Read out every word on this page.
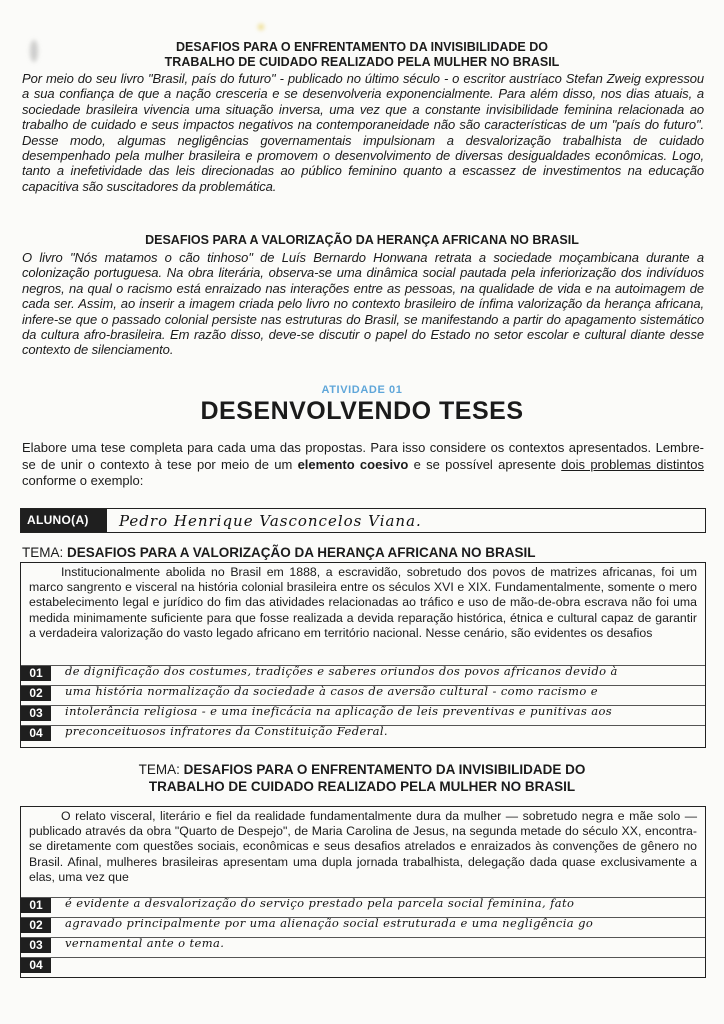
DESAFIOS PARA O ENFRENTAMENTO DA INVISIBILIDADE DO
TRABALHO DE CUIDADO REALIZADO PELA MULHER NO BRASIL
Por meio do seu livro "Brasil, país do futuro" - publicado no último século - o escritor austríaco Stefan Zweig expressou a sua confiança de que a nação cresceria e se desenvolveria exponencialmente. Para além disso, nos dias atuais, a sociedade brasileira vivencia uma situação inversa, uma vez que a constante invisibilidade feminina relacionada ao trabalho de cuidado e seus impactos negativos na contemporaneidade não são características de um "país do futuro". Desse modo, algumas negligências governamentais impulsionam a desvalorização trabalhista de cuidado desempenhado pela mulher brasileira e promovem o desenvolvimento de diversas desigualdades econômicas. Logo, tanto a inefetividade das leis direcionadas ao público feminino quanto a escassez de investimentos na educação capacitiva são suscitadores da problemática.
DESAFIOS PARA A VALORIZAÇÃO DA HERANÇA AFRICANA NO BRASIL
O livro "Nós matamos o cão tinhoso" de Luís Bernardo Honwana retrata a sociedade moçambicana durante a colonização portuguesa. Na obra literária, observa-se uma dinâmica social pautada pela inferiorização dos indivíduos negros, na qual o racismo está enraizado nas interações entre as pessoas, na qualidade de vida e na autoimagem de cada ser. Assim, ao inserir a imagem criada pelo livro no contexto brasileiro de ínfima valorização da herança africana, infere-se que o passado colonial persiste nas estruturas do Brasil, se manifestando a partir do apagamento sistemático da cultura afro-brasileira. Em razão disso, deve-se discutir o papel do Estado no setor escolar e cultural diante desse contexto de silenciamento.
ATIVIDADE 01
DESENVOLVENDO TESES
Elabore uma tese completa para cada uma das propostas. Para isso considere os contextos apresentados. Lembre-se de unir o contexto à tese por meio de um elemento coesivo e se possível apresente dois problemas distintos conforme o exemplo:
ALUNO(A)	Pedro Henrique Vasconcelos Viana.
TEMA: DESAFIOS PARA A VALORIZAÇÃO DA HERANÇA AFRICANA NO BRASIL
Institucionalmente abolida no Brasil em 1888, a escravidão, sobretudo dos povos de matrizes africanas, foi um marco sangrento e visceral na história colonial brasileira entre os séculos XVI e XIX. Fundamentalmente, somente o mero estabelecimento legal e jurídico do fim das atividades relacionadas ao tráfico e uso de mão-de-obra escrava não foi uma medida minimamente suficiente para que fosse realizada a devida reparação histórica, étnica e cultural capaz de garantir a verdadeira valorização do vasto legado africano em território nacional. Nesse cenário, são evidentes os desafios
01	de dignificação dos costumes, tradições e saberes oriundos dos povos africanos devido à
02	uma história normalização da sociedade à casos de aversão cultural - como racismo e
03	intolerância religiosa - e uma ineficácia na aplicação de leis preventivas e punitivas aos
04	preconceituosos infratores da Constituição Federal.
TEMA: DESAFIOS PARA O ENFRENTAMENTO DA INVISIBILIDADE DO
TRABALHO DE CUIDADO REALIZADO PELA MULHER NO BRASIL
O relato visceral, literário e fiel da realidade fundamentalmente dura da mulher — sobretudo negra e mãe solo — publicado através da obra "Quarto de Despejo", de Maria Carolina de Jesus, na segunda metade do século XX, encontra-se diretamente com questões sociais, econômicas e seus desafios atrelados e enraizados às convenções de gênero no Brasil. Afinal, mulheres brasileiras apresentam uma dupla jornada trabalhista, delegação dada quase exclusivamente a elas, uma vez que
01	é evidente a desvalorização do serviço prestado pela parcela social feminina, fato
02	agravado principalmente por uma alienação social estruturada e uma negligência go
03	vernamental ante o tema.
04
